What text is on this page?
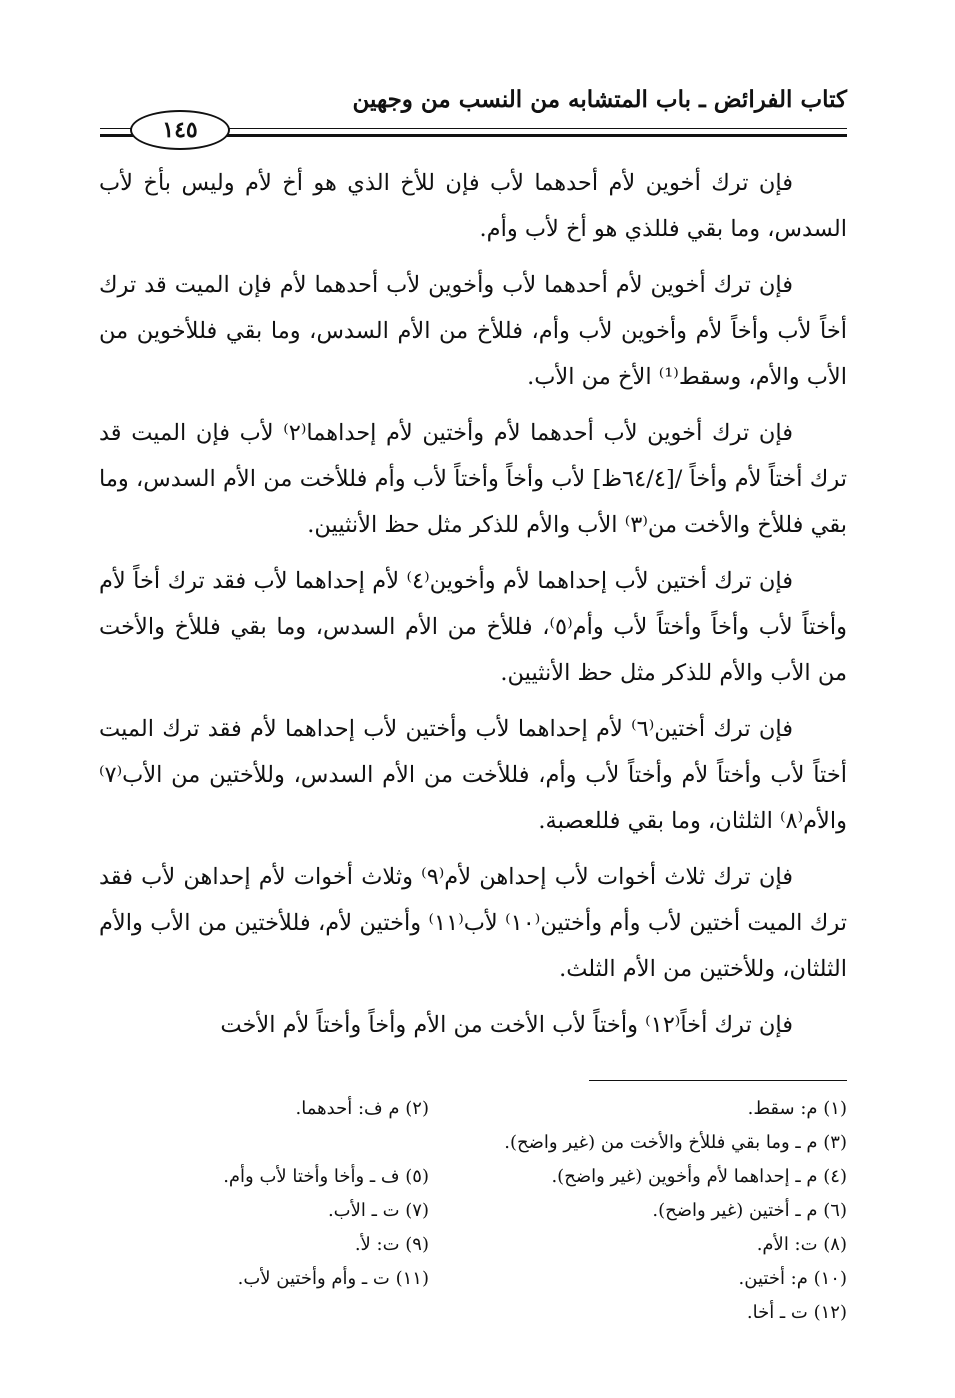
كتاب الفرائض ـ باب المتشابه من النسب من وجهين
١٤٥

فإن ترك أخوين لأم أحدهما لأب فإن للأخ الذي هو أخ لأم وليس بأخ لأب السدس، وما بقي فللذي هو أخ لأب وأم.

فإن ترك أخوين لأم أحدهما لأب وأخوين لأب أحدهما لأم فإن الميت قد ترك أخاً لأب وأخاً لأم وأخوين لأب وأم، فللأخ من الأم السدس، وما بقي فللأخوين من الأب والأم، وسقط⁽¹⁾ الأخ من الأب.

فإن ترك أخوين لأب أحدهما لأم وأختين لأم إحداهما⁽٢⁾ لأب فإن الميت قد ترك أختاً لأم وأخاً /[٦٤/٤ظ] لأب وأخاً وأختاً لأب وأم فللأخت من الأم السدس، وما بقي فللأخ والأخت من⁽٣⁾ الأب والأم للذكر مثل حظ الأنثيين.

فإن ترك أختين لأب إحداهما لأم وأخوين⁽٤⁾ لأم إحداهما لأب فقد ترك أخاً لأم وأختاً لأب وأخاً وأختاً لأب وأم⁽٥⁾، فللأخ من الأم السدس، وما بقي فللأخ والأخت من الأب والأم للذكر مثل حظ الأنثيين.

فإن ترك أختين⁽٦⁾ لأم إحداهما لأب وأختين لأب إحداهما لأم فقد ترك الميت أختاً لأب وأختاً لأم وأختاً لأب وأم، فللأخت من الأم السدس، وللأختين من الأب⁽٧⁾ والأم⁽٨⁾ الثلثان، وما بقي فللعصبة.

فإن ترك ثلاث أخوات لأب إحداهن لأم⁽٩⁾ وثلاث أخوات لأم إحداهن لأب فقد ترك الميت أختين لأب وأم وأختين⁽١٠⁾ لأب⁽١١⁾ وأختين لأم، فللأختين من الأب والأم الثلثان، وللأختين من الأم الثلث.

فإن ترك أخاً⁽١٢⁾ وأختاً لأب الأخت من الأم وأخاً وأختاً لأم الأخت

(١) م: سقط.
(٢) م ف: أحدهما.
(٣) م ـ وما بقي فللأخ والأخت من (غير واضح).
(٤) م ـ إحداهما لأم وأخوين (غير واضح).
(٥) ف ـ وأخا وأختا لأب وأم.
(٦) م ـ أختين (غير واضح).
(٧) ت ـ الأب.
(٨) ت: الأم.
(٩) ت: لأ.
(١٠) م: أختين.
(١١) ت ـ وأم وأختين لأب.
(١٢) ت ـ أخا.
